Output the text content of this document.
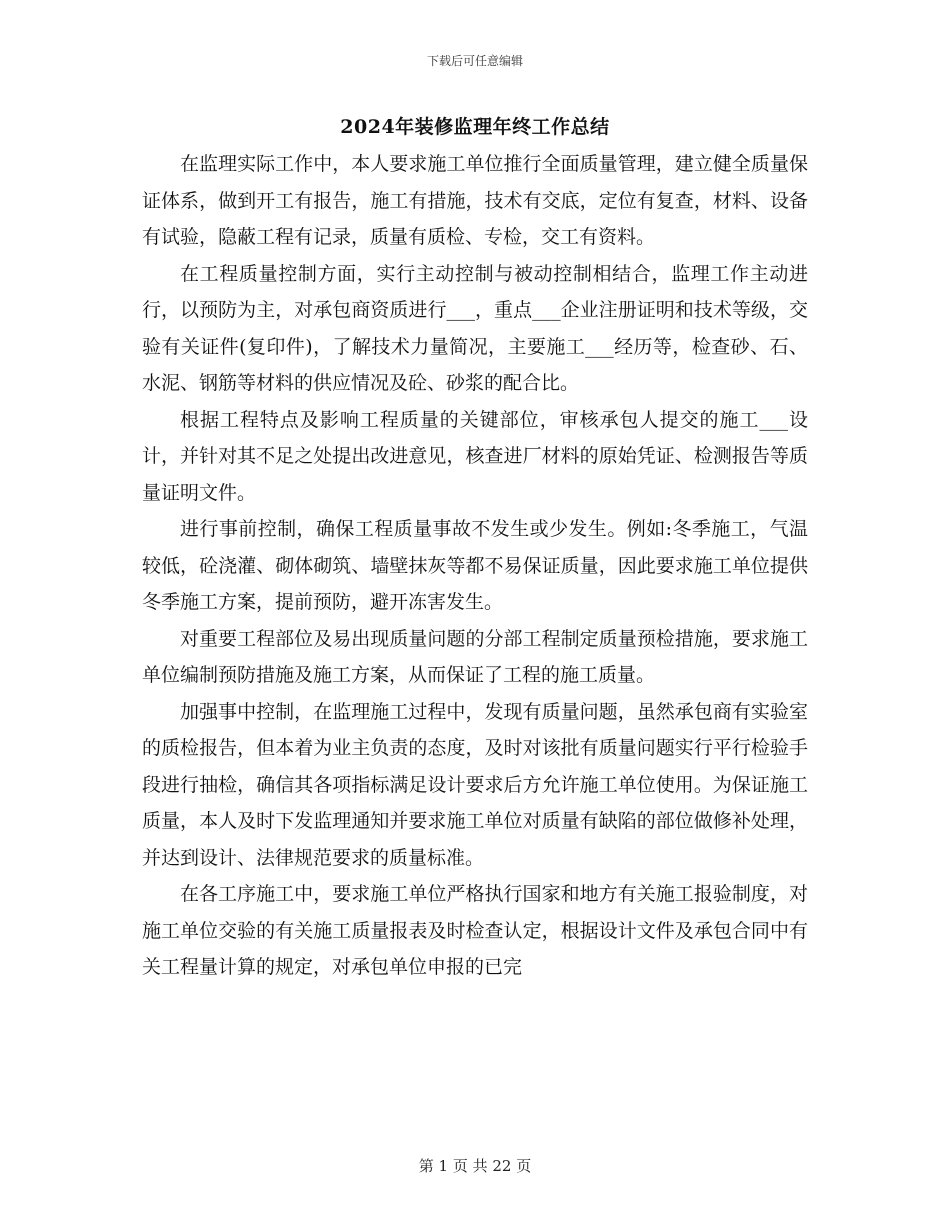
下载后可任意编辑
2024年装修监理年终工作总结

在监理实际工作中，本人要求施工单位推行全面质量管理，建立健全质量保证体系，做到开工有报告，施工有措施，技术有交底，定位有复查，材料、设备有试验，隐蔽工程有记录，质量有质检、专检，交工有资料。

在工程质量控制方面，实行主动控制与被动控制相结合，监理工作主动进行，以预防为主，对承包商资质进行___，重点___企业注册证明和技术等级，交验有关证件(复印件)，了解技术力量简况，主要施工___经历等，检查砂、石、水泥、钢筋等材料的供应情况及砼、砂浆的配合比。

根据工程特点及影响工程质量的关键部位，审核承包人提交的施工___设计，并针对其不足之处提出改进意见，核查进厂材料的原始凭证、检测报告等质量证明文件。

进行事前控制，确保工程质量事故不发生或少发生。例如:冬季施工，气温较低，砼浇灌、砌体砌筑、墙壁抹灰等都不易保证质量，因此要求施工单位提供冬季施工方案，提前预防，避开冻害发生。

对重要工程部位及易出现质量问题的分部工程制定质量预检措施，要求施工单位编制预防措施及施工方案，从而保证了工程的施工质量。

加强事中控制，在监理施工过程中，发现有质量问题，虽然承包商有实验室的质检报告，但本着为业主负责的态度，及时对该批有质量问题实行平行检验手段进行抽检，确信其各项指标满足设计要求后方允许施工单位使用。为保证施工质量，本人及时下发监理通知并要求施工单位对质量有缺陷的部位做修补处理，并达到设计、法律规范要求的质量标准。

在各工序施工中，要求施工单位严格执行国家和地方有关施工报验制度，对施工单位交验的有关施工质量报表及时检查认定，根据设计文件及承包合同中有关工程量计算的规定，对承包单位申报的已完

第 1 页 共 22 页
